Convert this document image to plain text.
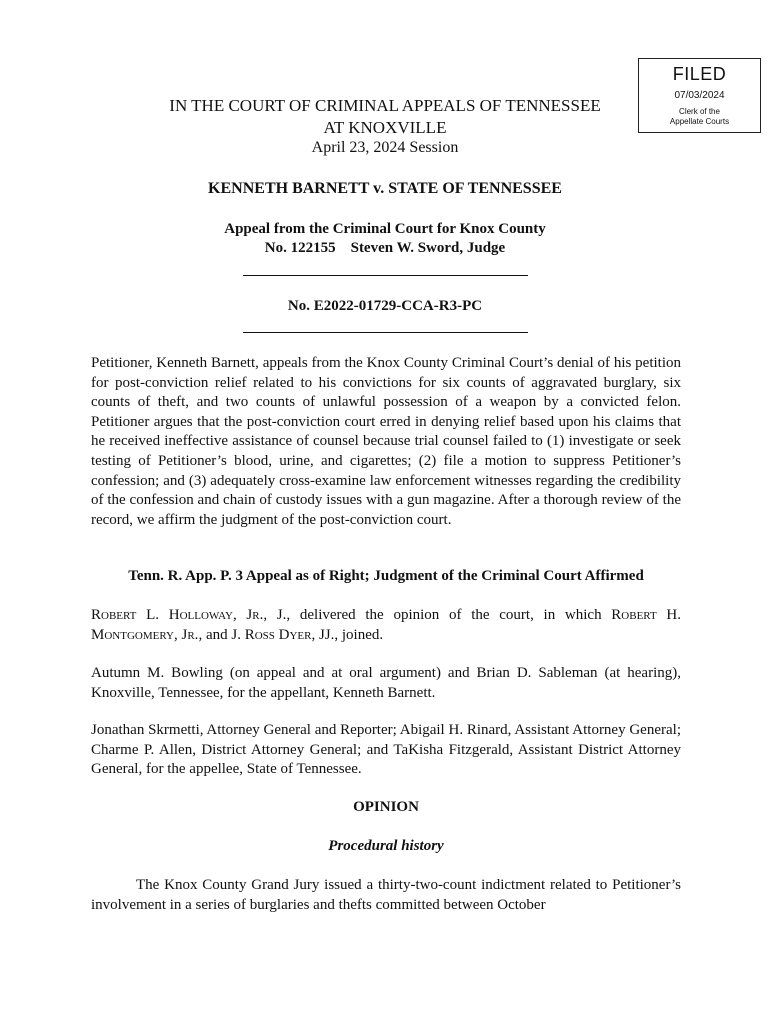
FILED
07/03/2024
Clerk of the
Appellate Courts
IN THE COURT OF CRIMINAL APPEALS OF TENNESSEE
AT KNOXVILLE
April 23, 2024 Session
KENNETH BARNETT v. STATE OF TENNESSEE
Appeal from the Criminal Court for Knox County
No. 122155    Steven W. Sword, Judge
No. E2022-01729-CCA-R3-PC
Petitioner, Kenneth Barnett, appeals from the Knox County Criminal Court’s denial of his petition for post-conviction relief related to his convictions for six counts of aggravated burglary, six counts of theft, and two counts of unlawful possession of a weapon by a convicted felon. Petitioner argues that the post-conviction court erred in denying relief based upon his claims that he received ineffective assistance of counsel because trial counsel failed to (1) investigate or seek testing of Petitioner’s blood, urine, and cigarettes; (2) file a motion to suppress Petitioner’s confession; and (3) adequately cross-examine law enforcement witnesses regarding the credibility of the confession and chain of custody issues with a gun magazine. After a thorough review of the record, we affirm the judgment of the post-conviction court.
Tenn. R. App. P. 3 Appeal as of Right; Judgment of the Criminal Court Affirmed
Robert L. Holloway, Jr., J., delivered the opinion of the court, in which Robert H. Montgomery, Jr., and J. Ross Dyer, JJ., joined.
Autumn M. Bowling (on appeal and at oral argument) and Brian D. Sableman (at hearing), Knoxville, Tennessee, for the appellant, Kenneth Barnett.
Jonathan Skrmetti, Attorney General and Reporter; Abigail H. Rinard, Assistant Attorney General; Charme P. Allen, District Attorney General; and TaKisha Fitzgerald, Assistant District Attorney General, for the appellee, State of Tennessee.
OPINION
Procedural history
The Knox County Grand Jury issued a thirty-two-count indictment related to Petitioner’s involvement in a series of burglaries and thefts committed between October
